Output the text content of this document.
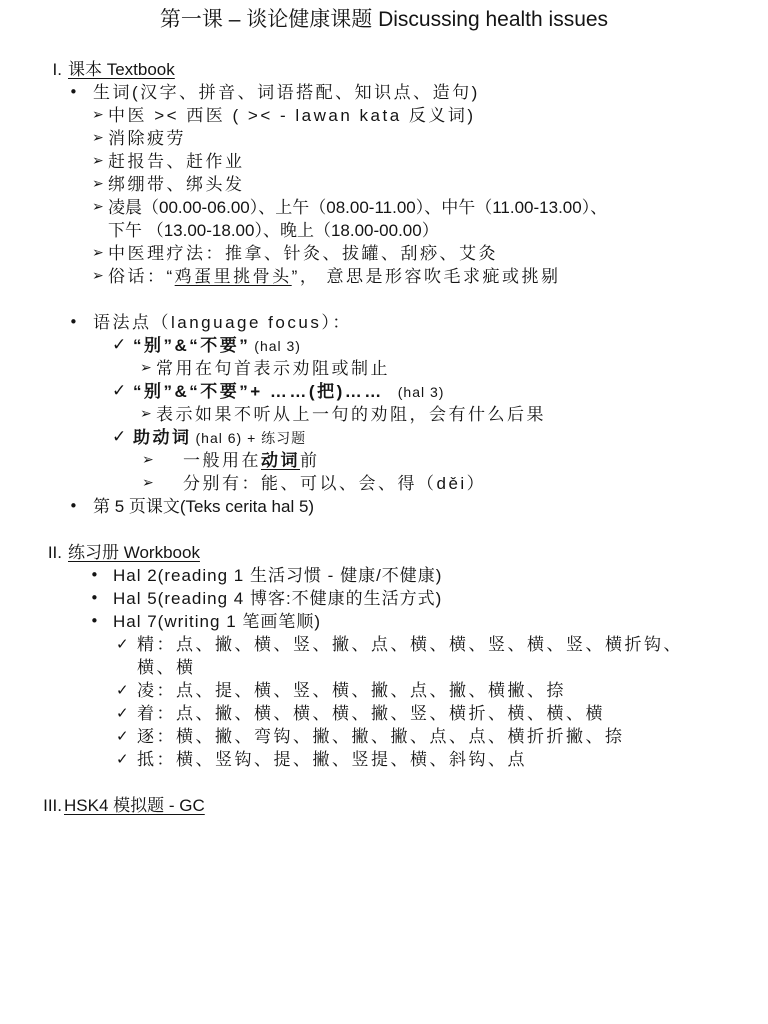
第一课 – 谈论健康课题 Discussing health issues
I. 课本 Textbook
• 生词(汉字、拼音、词语搭配、知识点、造句)
➢ 中医 >< 西医 ( >< - lawan kata 反义词)
➢ 消除疲劳
➢ 赶报告、赶作业
➢ 绑绷带、绑头发
➢ 凌晨（00.00-06.00）、上午（08.00-11.00）、中午（11.00-13.00）、
下午 （13.00-18.00）、晚上（18.00-00.00）
➢ 中医理疗法：推拿、针灸、拔罐、刮痧、艾灸
➢ 俗话：“鸡蛋里挑骨头”， 意思是形容吹毛求疵或挑剔
• 语法点（language focus）：
✓ “别”&“不要” (hal 3)
➢ 常用在句首表示劝阻或制止
✓ “别”&“不要”+ ……(把)…… (hal 3)
➢ 表示如果不听从上一句的劝阻，会有什么后果
✓ 助动词 (hal 6) + 练习题
➢ 一般用在动词前
➢ 分别有：能、可以、会、得（děi）
• 第 5 页课文(Teks cerita hal 5)
II. 练习册 Workbook
• Hal 2(reading 1 生活习惯 - 健康/不健康)
• Hal 5(reading 4 博客:不健康的生活方式)
• Hal 7(writing 1 笔画笔顺)
✓ 精：点、撇、横、竖、撇、点、横、横、竖、横、竖、横折钩、
横、横
✓ 凌：点、提、横、竖、横、撇、点、撇、横撇、捺
✓ 着：点、撇、横、横、横、撇、竖、横折、横、横、横
✓ 逐：横、撇、弯钩、撇、撇、撇、点、点、横折折撇、捺
✓ 抵：横、竖钩、提、撇、竖提、横、斜钩、点
III. HSK4 模拟题 - GC
